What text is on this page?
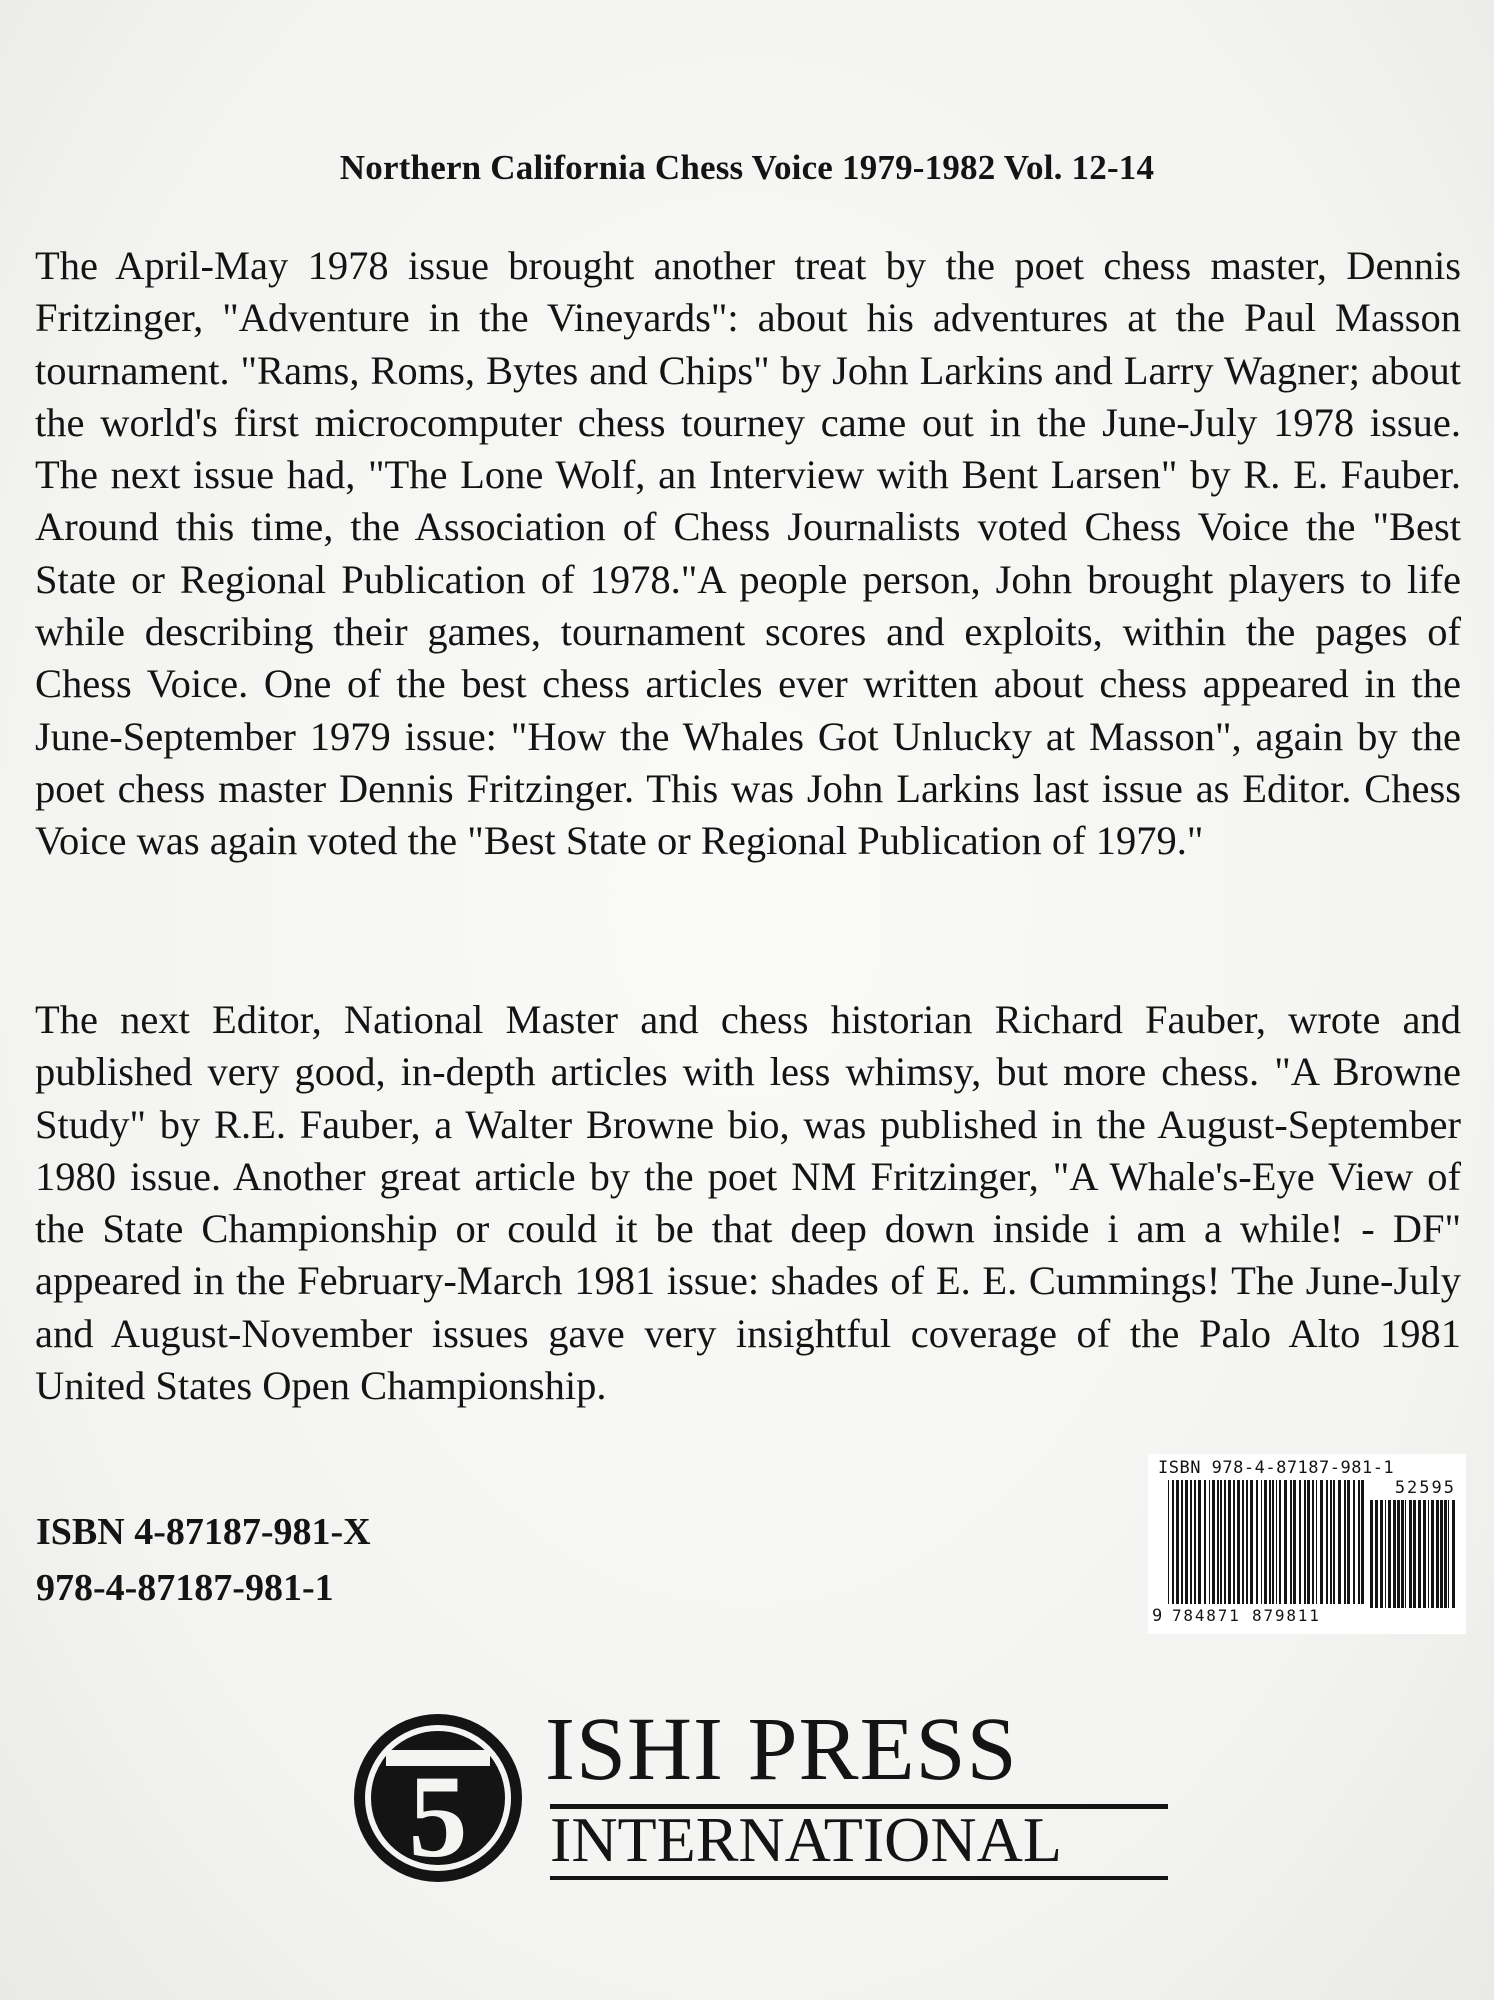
Northern California Chess Voice 1979-1982 Vol. 12-14

The April-May 1978 issue brought another treat by the poet chess master, Dennis Fritzinger, "Adventure in the Vineyards": about his adventures at the Paul Masson tournament. "Rams, Roms, Bytes and Chips" by John Larkins and Larry Wagner; about the world's first microcomputer chess tourney came out in the June-July 1978 issue. The next issue had, "The Lone Wolf, an Interview with Bent Larsen" by R. E. Fauber. Around this time, the Association of Chess Journalists voted Chess Voice the "Best State or Regional Publication of 1978."A people person, John brought players to life while describing their games, tournament scores and exploits, within the pages of Chess Voice. One of the best chess articles ever written about chess appeared in the June-September 1979 issue: "How the Whales Got Unlucky at Masson", again by the poet chess master Dennis Fritzinger. This was John Larkins last issue as Editor. Chess Voice was again voted the "Best State or Regional Publication of 1979."

The next Editor, National Master and chess historian Richard Fauber, wrote and published very good, in-depth articles with less whimsy, but more chess. "A Browne Study" by R.E. Fauber, a Walter Browne bio, was published in the August-September 1980 issue. Another great article by the poet NM Fritzinger, "A Whale's-Eye View of the State Championship or could it be that deep down inside i am a while! - DF" appeared in the February-March 1981 issue: shades of E. E. Cummings! The June-July and August-November issues gave very insightful coverage of the Palo Alto 1981 United States Open Championship.

ISBN 4-87187-981-X
978-4-87187-981-1
ISBN 978-4-87187-981-1
52595
9 784871 879811
5
ISHI PRESS
INTERNATIONAL
